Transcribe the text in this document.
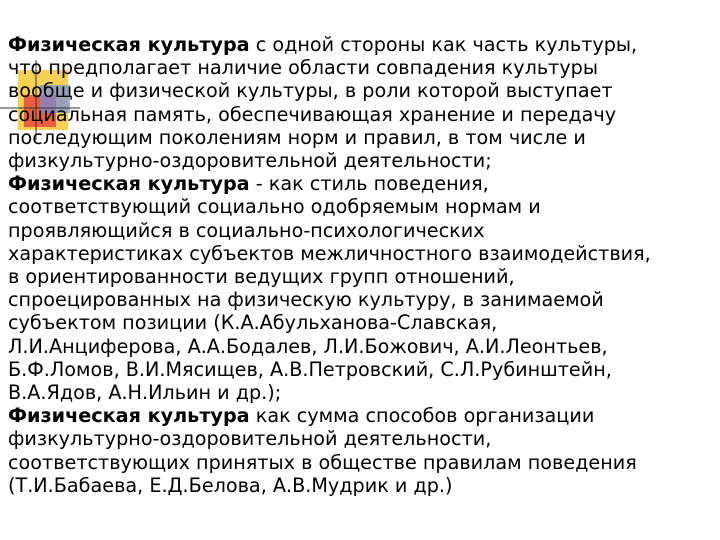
Физическая культура с одной стороны как часть культуры,
что предполагает наличие области совпадения культуры
вообще и физической культуры, в роли которой выступает
социальная память, обеспечивающая хранение и передачу
последующим поколениям норм и правил, в том числе и
физкультурно-оздоровительной деятельности;

Физическая культура - как стиль поведения,
соответствующий социально одобряемым нормам и
проявляющийся в социально-психологических
характеристиках субъектов межличностного взаимодействия,
в ориентированности ведущих групп отношений,
спроецированных на физическую культуру, в занимаемой
субъектом позиции (К.А.Абульханова-Славская,
Л.И.Анциферова, А.А.Бодалев, Л.И.Божович, А.И.Леонтьев,
Б.Ф.Ломов, В.И.Мясищев, А.В.Петровский, С.Л.Рубинштейн,
В.А.Ядов, А.Н.Ильин и др.);

Физическая культура как сумма способов организации
физкультурно-оздоровительной деятельности,
соответствующих принятых в обществе правилам поведения
(Т.И.Бабаева, Е.Д.Белова, А.В.Мудрик и др.)
